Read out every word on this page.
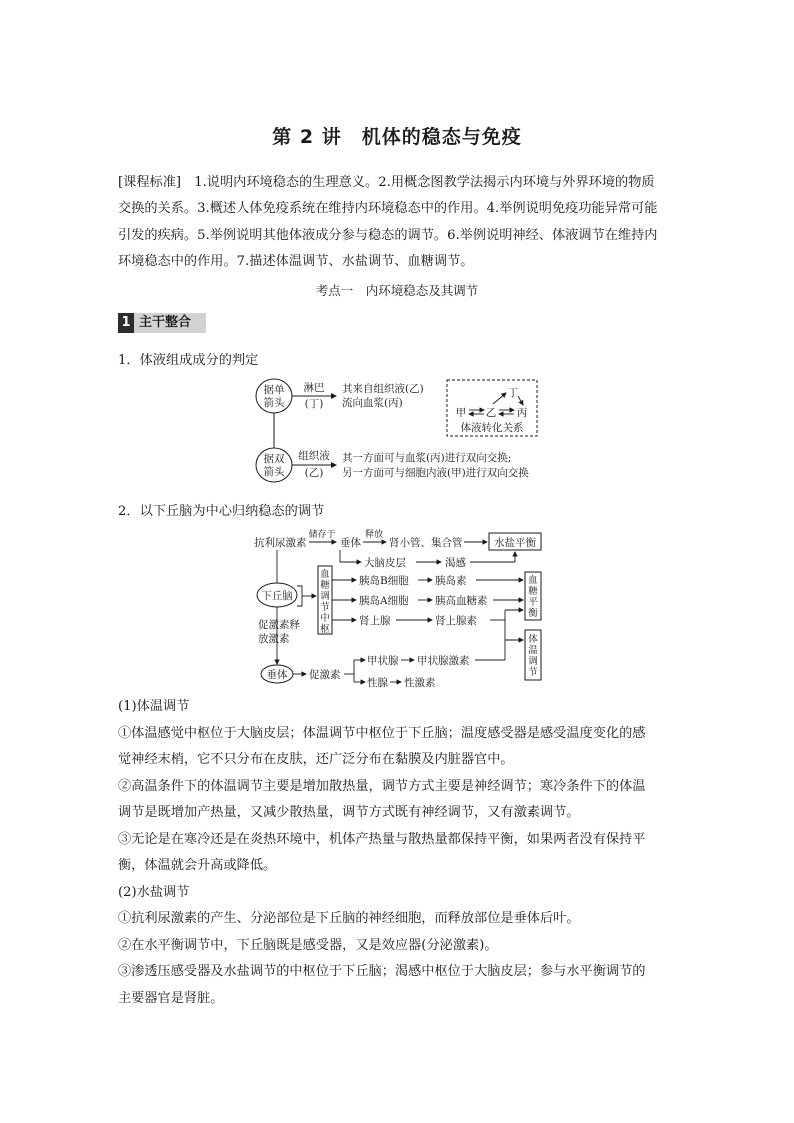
第 2 讲　机体的稳态与免疫

[课程标准]　1.说明内环境稳态的生理意义。2.用概念图教学法揭示内环境与外界环境的物质

交换的关系。3.概述人体免疫系统在维持内环境稳态中的作用。4.举例说明免疫功能异常可能

引发的疾病。5.举例说明其他体液成分参与稳态的调节。6.举例说明神经、体液调节在维持内

环境稳态中的作用。7.描述体温调节、水盐调节、血糖调节。

考点一　内环境稳态及其调节
1 主干整合
1．体液组成成分的判定
据单
箭头
据双
箭头
淋巴
(丁)
其来自组织液(乙)
流向血浆(丙)
组织液
(乙)
其一方面可与血浆(丙)进行双向交换;
另一方面可与细胞内液(甲)进行双向交换
丁
甲 乙 丙
体液转化关系
2．以下丘脑为中心归纳稳态的调节
抗利尿激素
储存于
垂体
释放
肾小管、集合管	水盐平衡
大脑皮层	渴感
下丘脑
血糖调节中枢
胰岛B细胞	胰岛素
胰岛A细胞	胰高血糖素
肾上腺	肾上腺素
血糖平衡
体温调节
促激素释
放激素
垂体 促激素
甲状腺 甲状腺激素
性腺 性激素

(1)体温调节

①体温感觉中枢位于大脑皮层；体温调节中枢位于下丘脑；温度感受器是感受温度变化的感

觉神经末梢，它不只分布在皮肤，还广泛分布在黏膜及内脏器官中。

②高温条件下的体温调节主要是增加散热量，调节方式主要是神经调节；寒冷条件下的体温

调节是既增加产热量，又减少散热量，调节方式既有神经调节，又有激素调节。

③无论是在寒冷还是在炎热环境中，机体产热量与散热量都保持平衡，如果两者没有保持平

衡，体温就会升高或降低。

(2)水盐调节

①抗利尿激素的产生、分泌部位是下丘脑的神经细胞，而释放部位是垂体后叶。

②在水平衡调节中，下丘脑既是感受器，又是效应器(分泌激素)。

③渗透压感受器及水盐调节的中枢位于下丘脑；渴感中枢位于大脑皮层；参与水平衡调节的

主要器官是肾脏。
